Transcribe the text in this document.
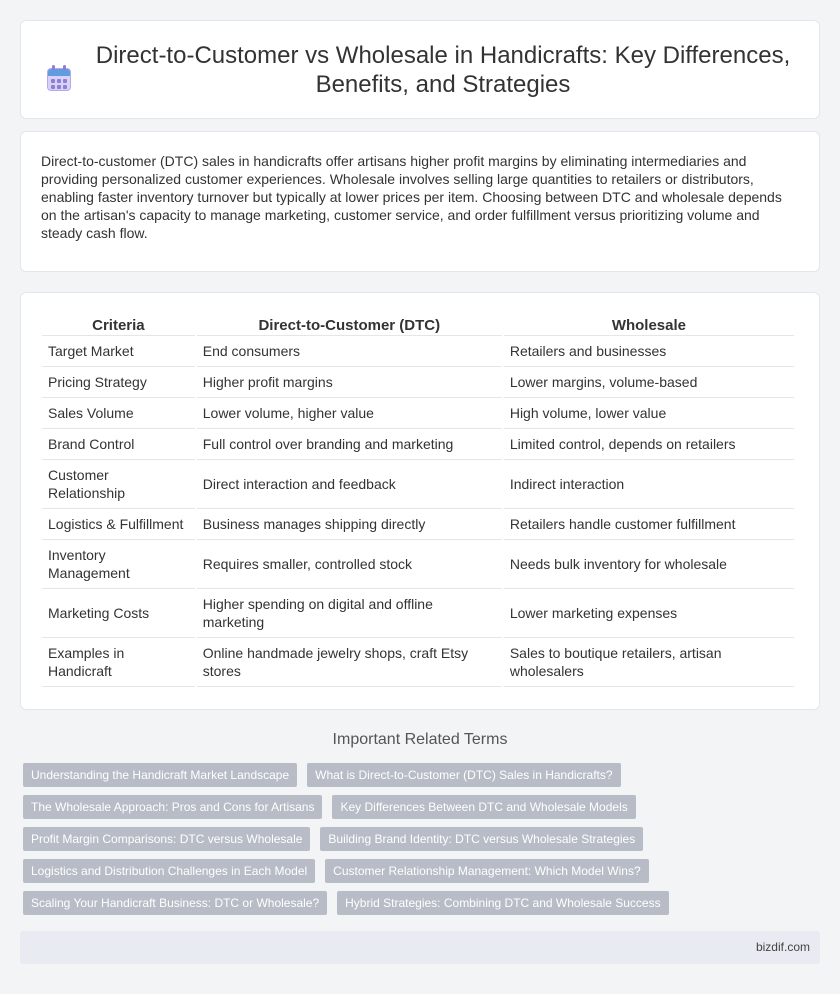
Direct-to-Customer vs Wholesale in Handicrafts: Key Differences, Benefits, and Strategies

Direct-to-customer (DTC) sales in handicrafts offer artisans higher profit margins by eliminating intermediaries and providing personalized customer experiences. Wholesale involves selling large quantities to retailers or distributors, enabling faster inventory turnover but typically at lower prices per item. Choosing between DTC and wholesale depends on the artisan's capacity to manage marketing, customer service, and order fulfillment versus prioritizing volume and steady cash flow.

Criteria	Direct-to-Customer (DTC)	Wholesale
Target Market	End consumers	Retailers and businesses
Pricing Strategy	Higher profit margins	Lower margins, volume-based
Sales Volume	Lower volume, higher value	High volume, lower value
Brand Control	Full control over branding and marketing	Limited control, depends on retailers
Customer Relationship	Direct interaction and feedback	Indirect interaction
Logistics & Fulfillment	Business manages shipping directly	Retailers handle customer fulfillment
Inventory Management	Requires smaller, controlled stock	Needs bulk inventory for wholesale
Marketing Costs	Higher spending on digital and offline marketing	Lower marketing expenses
Examples in Handicraft	Online handmade jewelry shops, craft Etsy stores	Sales to boutique retailers, artisan wholesalers
Important Related Terms
Understanding the Handicraft Market Landscape	What is Direct-to-Customer (DTC) Sales in Handicrafts?
The Wholesale Approach: Pros and Cons for Artisans	Key Differences Between DTC and Wholesale Models
Profit Margin Comparisons: DTC versus Wholesale	Building Brand Identity: DTC versus Wholesale Strategies
Logistics and Distribution Challenges in Each Model	Customer Relationship Management: Which Model Wins?
Scaling Your Handicraft Business: DTC or Wholesale?	Hybrid Strategies: Combining DTC and Wholesale Success
bizdif.com
